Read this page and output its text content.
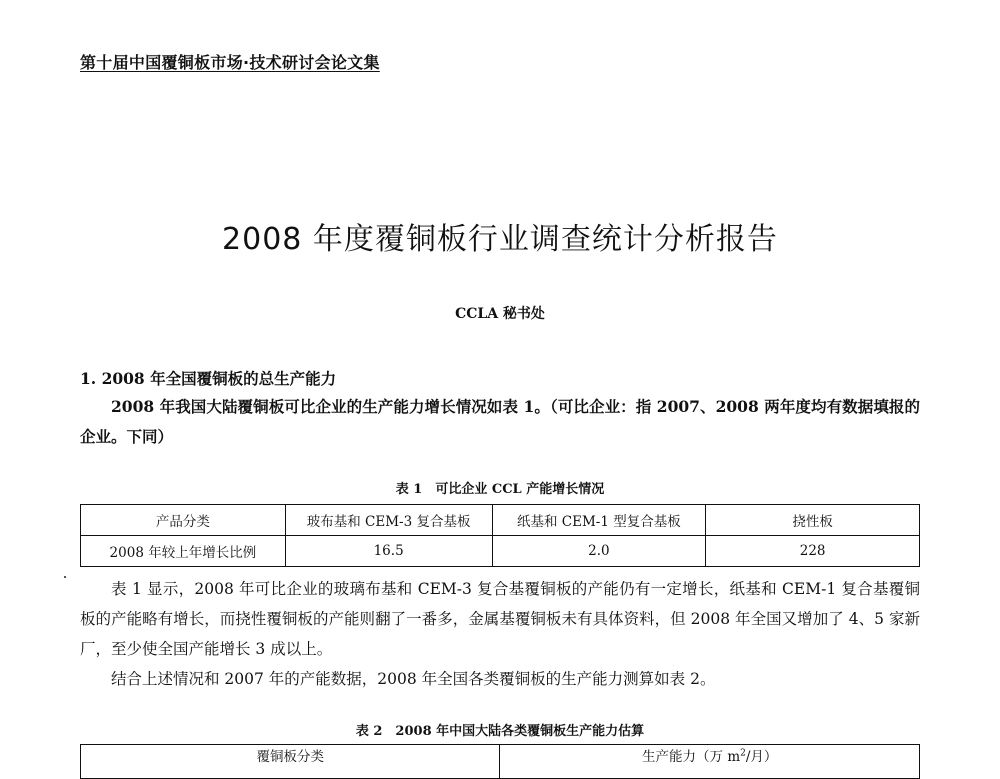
第十届中国覆铜板市场·技术研讨会论文集
2008 年度覆铜板行业调查统计分析报告
CCLA 秘书处
1. 2008 年全国覆铜板的总生产能力

2008 年我国大陆覆铜板可比企业的生产能力增长情况如表 1。（可比企业：指 2007、2008 两年度均有数据填报的企业。下同）

表 1　可比企业 CCL 产能增长情况
产品分类	玻布基和 CEM-3 复合基板	纸基和 CEM-1 型复合基板	挠性板
2008 年较上年增长比例	16.5	2.0	228

表 1 显示，2008 年可比企业的玻璃布基和 CEM-3 复合基覆铜板的产能仍有一定增长，纸基和 CEM-1 复合基覆铜板的产能略有增长，而挠性覆铜板的产能则翻了一番多，金属基覆铜板未有具体资料，但 2008 年全国又增加了 4、5 家新厂，至少使全国产能增长 3 成以上。

结合上述情况和 2007 年的产能数据，2008 年全国各类覆铜板的生产能力测算如表 2。

表 2　2008 年中国大陆各类覆铜板生产能力估算
覆铜板分类	生产能力（万 $m^2/$月）
